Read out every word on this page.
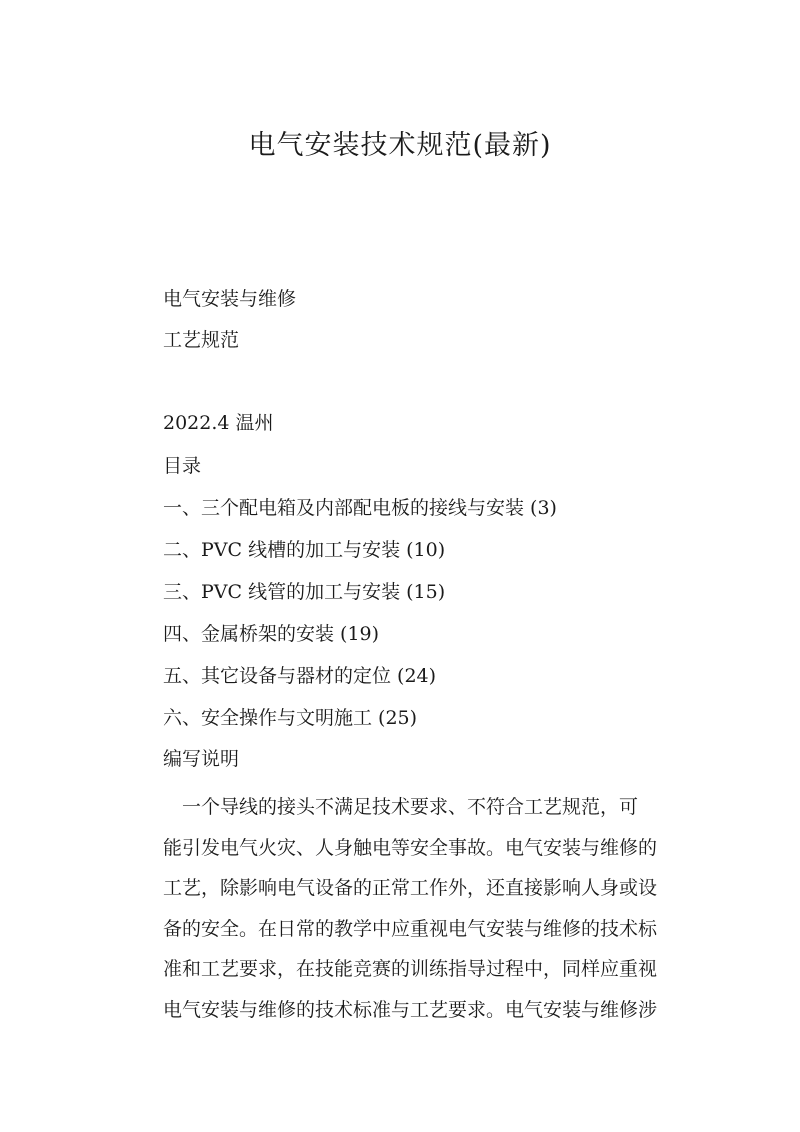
电气安装技术规范(最新)
电气安装与维修
工艺规范
2022.4 温州
目录
一、三个配电箱及内部配电板的接线与安装 (3)
二、PVC 线槽的加工与安装 (10)
三、PVC 线管的加工与安装 (15)
四、金属桥架的安装 (19)
五、其它设备与器材的定位 (24)
六、安全操作与文明施工 (25)
编写说明
　一个导线的接头不满足技术要求、不符合工艺规范，可
能引发电气火灾、人身触电等安全事故。电气安装与维修的
工艺，除影响电气设备的正常工作外，还直接影响人身或设
备的安全。在日常的教学中应重视电气安装与维修的技术标
准和工艺要求，在技能竞赛的训练指导过程中，同样应重视
电气安装与维修的技术标准与工艺要求。电气安装与维修涉
